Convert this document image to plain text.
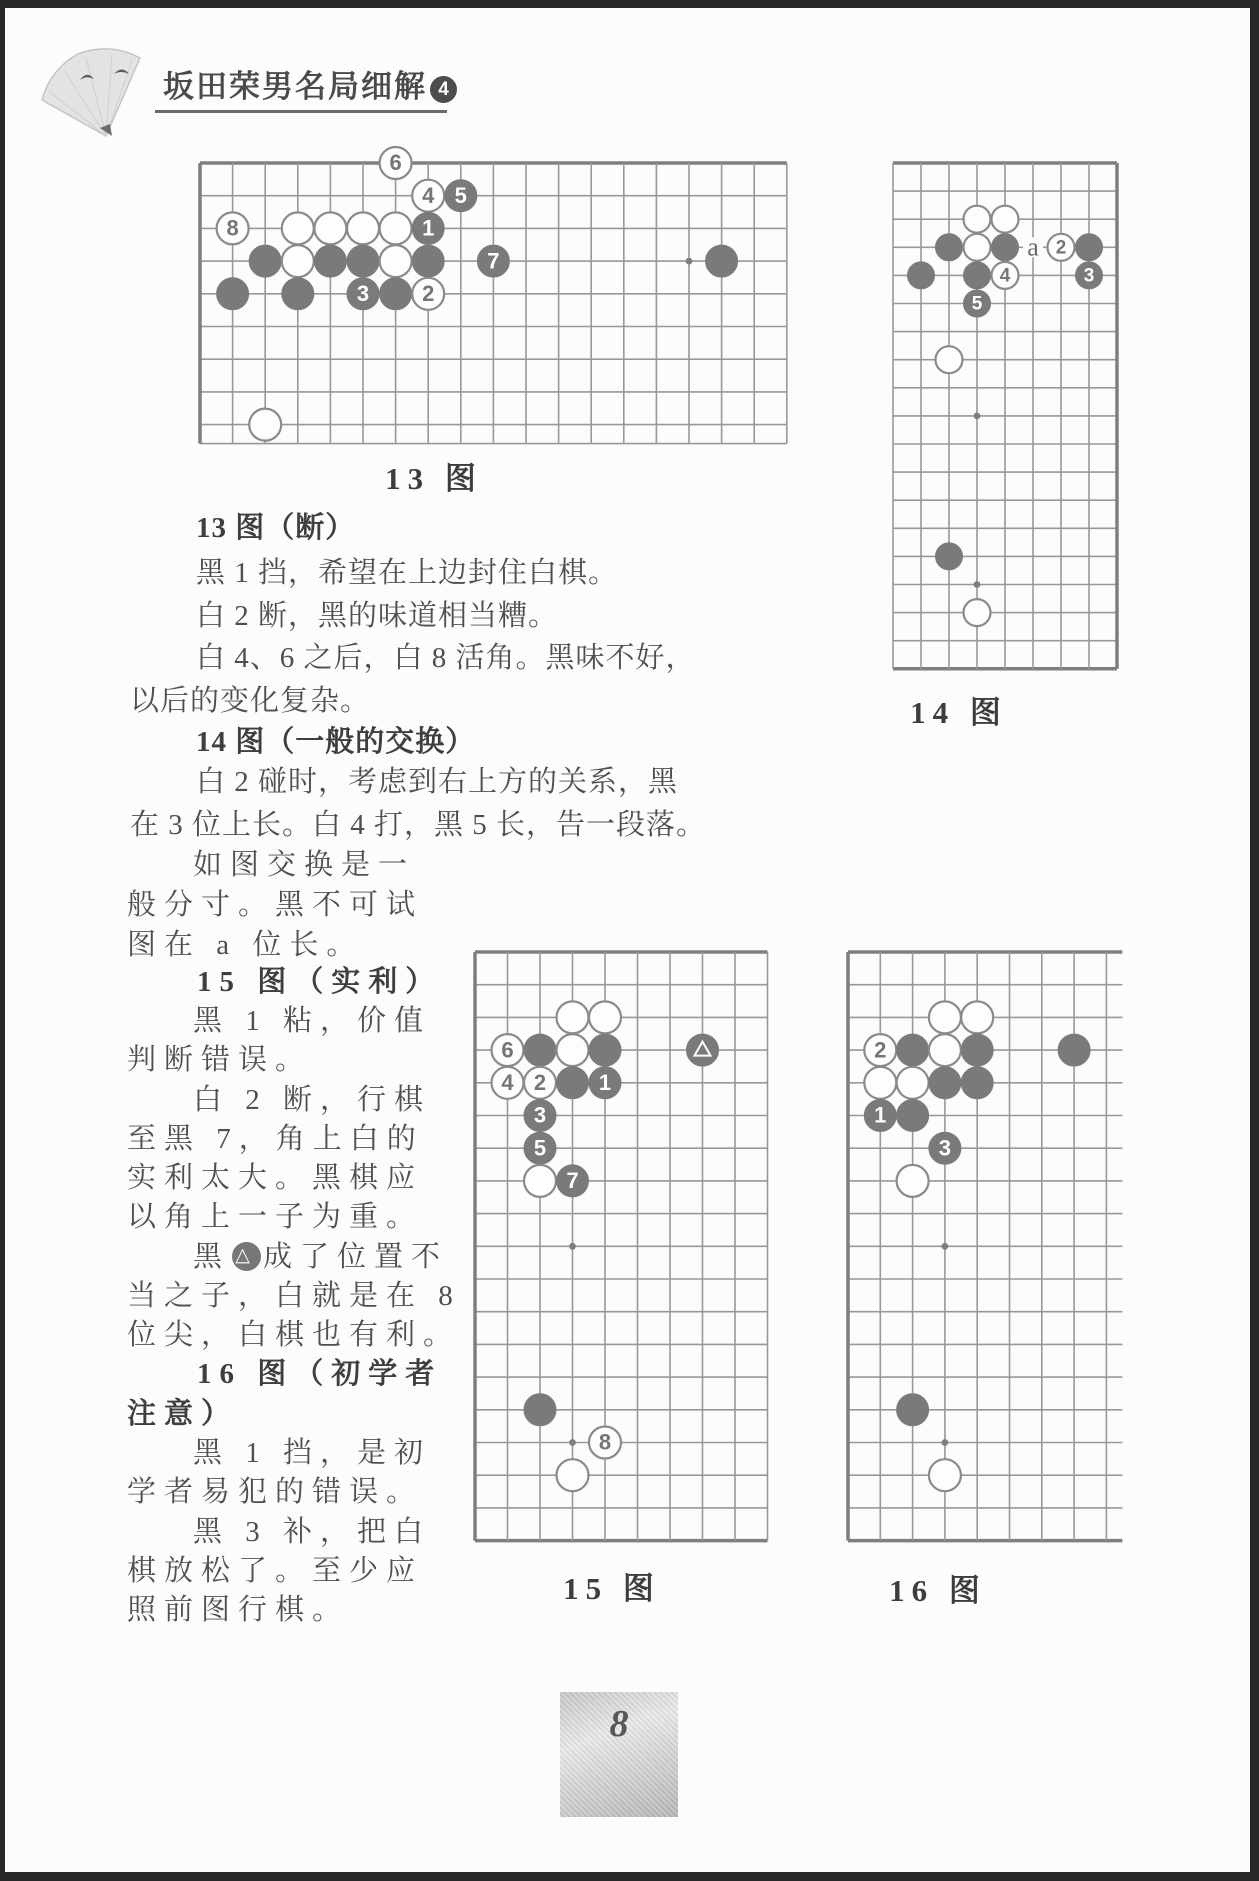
坂田荣男名局细解 4
6
4 5
8	1
7
3 2
2
4	3
5
a
6
4 2 1
3
5
7
8
2
1
3
13 图
14 图
15 图	16 图
13 图（断）
黑 1 挡，希望在上边封住白棋。
白 2 断，黑的味道相当糟。
白 4、6 之后，白 8 活角。黑味不好，
以后的变化复杂。
14 图（一般的交换）
白 2 碰时，考虑到右上方的关系，黑
在 3 位上长。白 4 打，黑 5 长，告一段落。
如图交换是一
般分寸。黑不可试
图在 a 位长。
15 图（实利）
黑 1 粘，价值
判断错误。
白 2 断，行棋
至黑 7，角上白的
实利太大。黑棋应
以角上一子为重。
黑 △ 成了位置不
当之子，白就是在 8
位尖，白棋也有利。
16 图（初学者
注意）
黑 1 挡，是初
学者易犯的错误。
黑 3 补，把白
棋放松了。至少应
照前图行棋。
8
